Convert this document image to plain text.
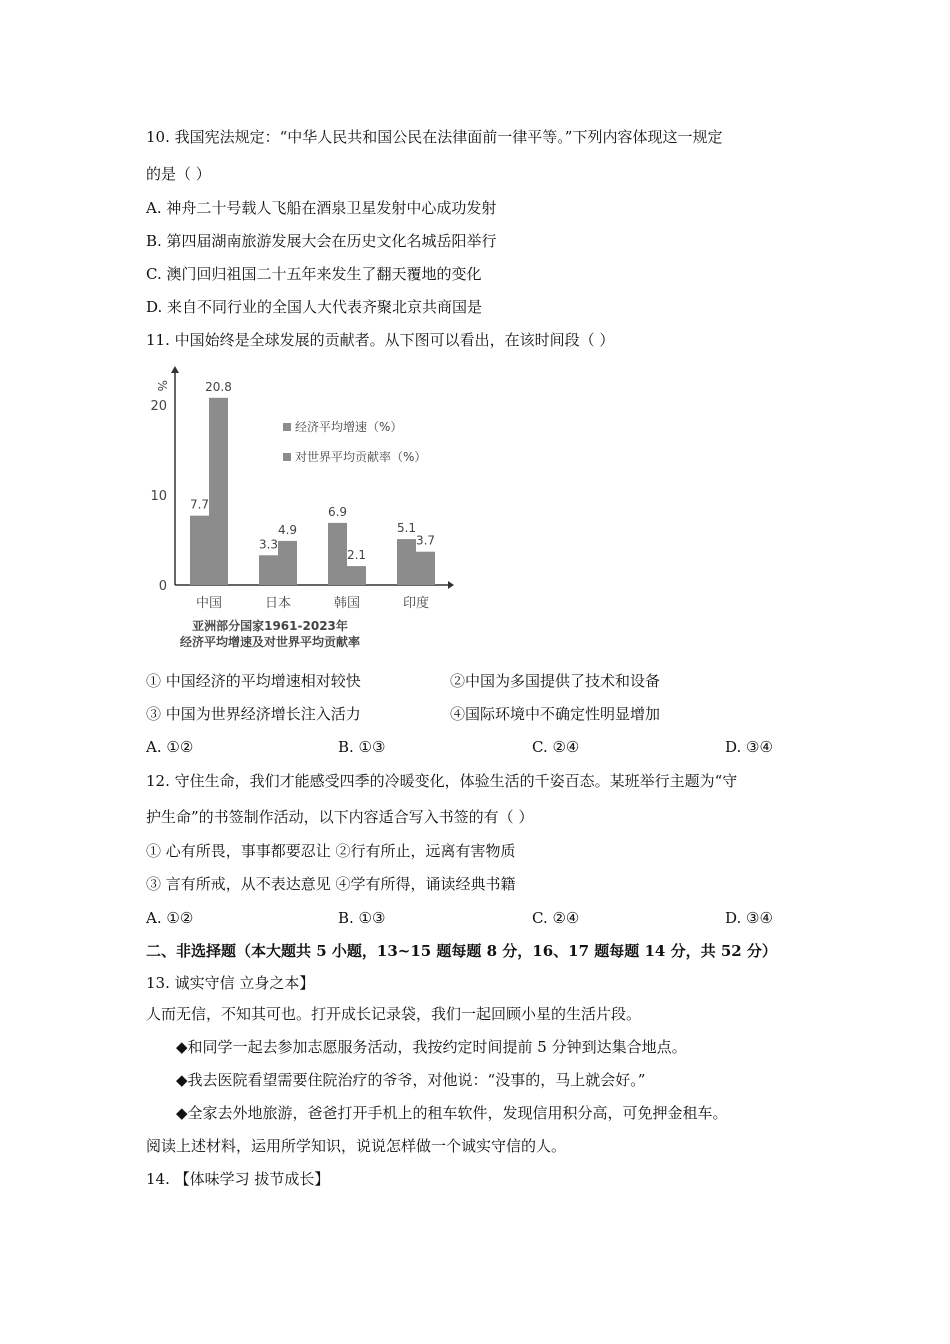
10. 我国宪法规定：“中华人民共和国公民在法律面前一律平等。”下列内容体现这一规定
的是（ ）
A. 神舟二十号载人飞船在酒泉卫星发射中心成功发射
B. 第四届湖南旅游发展大会在历史文化名城岳阳举行
C. 澳门回归祖国二十五年来发生了翻天覆地的变化
D. 来自不同行业的全国人大代表齐聚北京共商国是
11. 中国始终是全球发展的贡献者。从下图可以看出，在该时间段（ ）
%
0
10
20
7.7
20.8
中国
3.3
4.9
日本
6.9
2.1
韩国
5.1
3.7
印度
经济平均增速（%）
对世界平均贡献率（%）
亚洲部分国家1961-2023年
经济平均增速及对世界平均贡献率
① 中国经济的平均增速相对较快	②中国为多国提供了技术和设备
③ 中国为世界经济增长注入活力	④国际环境中不确定性明显增加
A. ①②	B. ①③	C. ②④	D. ③④
12. 守住生命，我们才能感受四季的冷暖变化，体验生活的千姿百态。某班举行主题为“守
护生命”的书签制作活动，以下内容适合写入书签的有（ ）
① 心有所畏，事事都要忍让 ②行有所止，远离有害物质
③ 言有所戒，从不表达意见 ④学有所得，诵读经典书籍
A. ①②	B. ①③	C. ②④	D. ③④
二、非选择题（本大题共 5 小题，13~15 题每题 8 分，16、17 题每题 14 分，共 52 分）
13. 诚实守信 立身之本】
人而无信，不知其可也。打开成长记录袋，我们一起回顾小星的生活片段。
◆和同学一起去参加志愿服务活动，我按约定时间提前 5 分钟到达集合地点。
◆我去医院看望需要住院治疗的爷爷，对他说：“没事的，马上就会好。”
◆全家去外地旅游，爸爸打开手机上的租车软件，发现信用积分高，可免押金租车。
阅读上述材料，运用所学知识，说说怎样做一个诚实守信的人。
14. 【体味学习 拔节成长】
